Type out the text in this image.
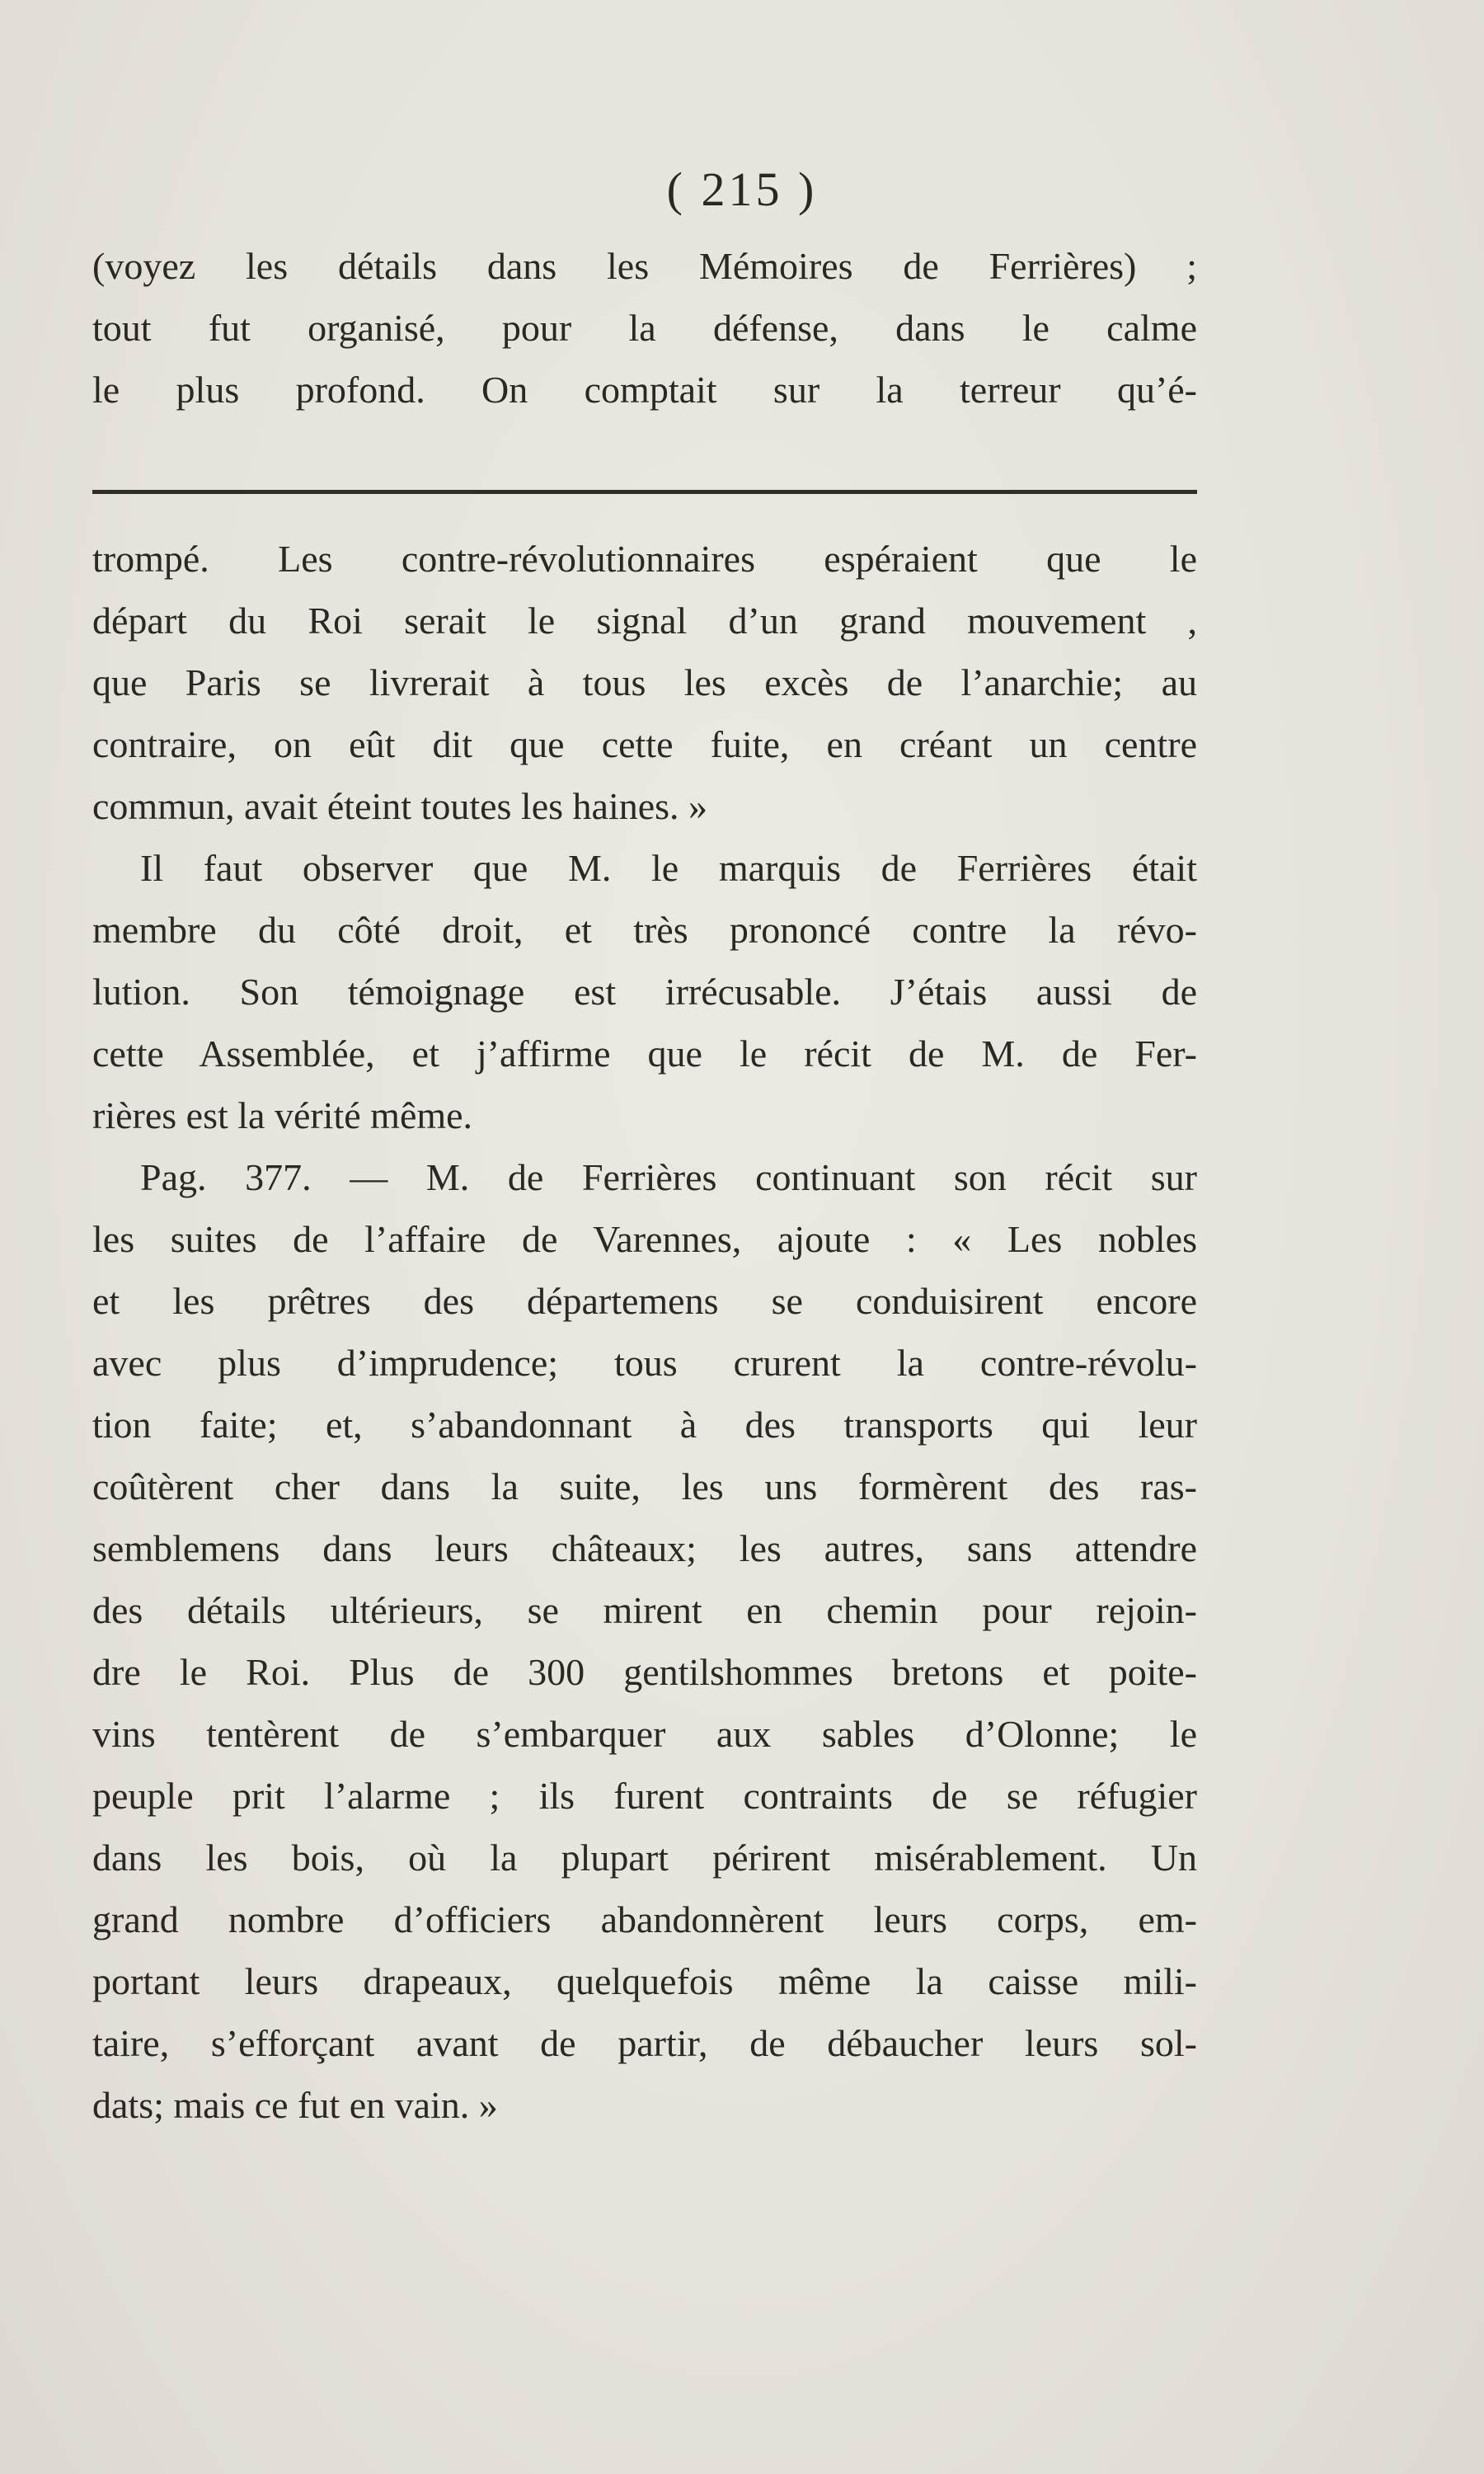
( 215 )
(voyez les détails dans les Mémoires de Ferrières) ;
tout fut organisé, pour la défense, dans le calme
le plus profond. On comptait sur la terreur qu’é-
trompé. Les contre-révolutionnaires espéraient que le
départ du Roi serait le signal d’un grand mouvement ,
que Paris se livrerait à tous les excès de l’anarchie; au
contraire, on eût dit que cette fuite, en créant un centre
commun, avait éteint toutes les haines. »
Il faut observer que M. le marquis de Ferrières était
membre du côté droit, et très prononcé contre la révo-
lution. Son témoignage est irrécusable. J’étais aussi de
cette Assemblée, et j’affirme que le récit de M. de Fer-
rières est la vérité même.
Pag. 377. — M. de Ferrières continuant son récit sur
les suites de l’affaire de Varennes, ajoute : « Les nobles
et les prêtres des départemens se conduisirent encore
avec plus d’imprudence; tous crurent la contre-révolu-
tion faite; et, s’abandonnant à des transports qui leur
coûtèrent cher dans la suite, les uns formèrent des ras-
semblemens dans leurs châteaux; les autres, sans attendre
des détails ultérieurs, se mirent en chemin pour rejoin-
dre le Roi. Plus de 300 gentilshommes bretons et poite-
vins tentèrent de s’embarquer aux sables d’Olonne; le
peuple prit l’alarme ; ils furent contraints de se réfugier
dans les bois, où la plupart périrent misérablement. Un
grand nombre d’officiers abandonnèrent leurs corps, em-
portant leurs drapeaux, quelquefois même la caisse mili-
taire, s’efforçant avant de partir, de débaucher leurs sol-
dats; mais ce fut en vain. »
